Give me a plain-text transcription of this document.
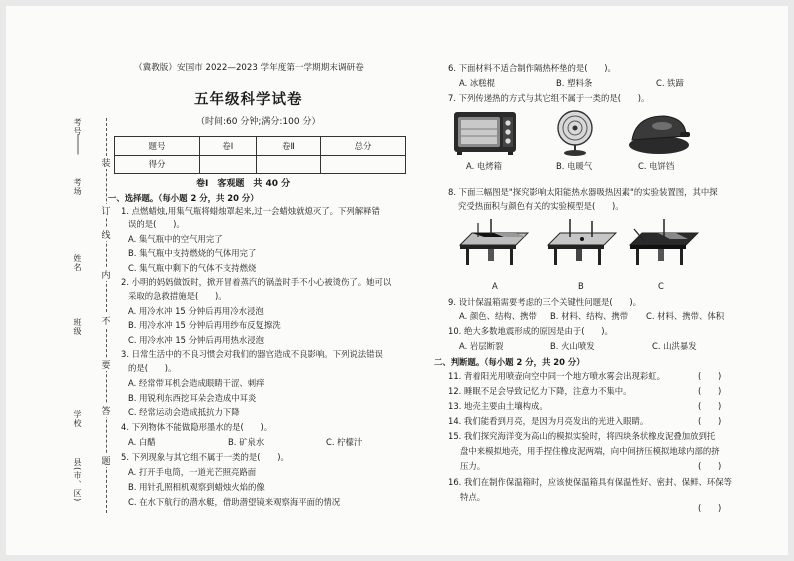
装
订
线
内
不
要
答
题
考号
考场
姓名
班级
学校
县(市、区)
（冀教版）安国市 2022—2023 学年度第一学期期末调研卷
五年级科学试卷
（时间:60 分钟;满分:100 分）
题号	卷Ⅰ	卷Ⅱ	总分
得分			
卷Ⅰ　客观题　共 40 分
一、选择题。（每小题 2 分，共 20 分）
1. 点燃蜡烛,用集气瓶将蜡烛罩起来,过一会蜡烛就熄灭了。下列解释错
误的是(　　)。
A. 集气瓶中的空气用完了
B. 集气瓶中支持燃烧的气体用完了
C. 集气瓶中剩下的气体不支持燃烧
2. 小明的妈妈做饭时，掀开冒着蒸汽的锅盖时手不小心被烫伤了。她可以
采取的急救措施是(　　)。
A. 用冷水冲 15 分钟后再用冷水浸泡
B. 用冷水冲 15 分钟后再用纱布反复擦洗
C. 用冷水冲 15 分钟后再用热水浸泡
3. 日常生活中的不良习惯会对我们的器官造成不良影响。下列说法错误
的是(　　)。
A. 经常带耳机会造成眼睛干涩、刺痒
B. 用锐利东西挖耳朵会造成中耳炎
C. 经常运动会造成抵抗力下降
4. 下列物体不能做隐形墨水的是(　　)。
A. 白醋	B. 矿泉水	C. 柠檬汁
5. 下列现象与其它组不属于一类的是(　　)。
A. 打开手电筒，一道光芒照亮路面
B. 用针孔照相机观察到蜡烛火焰的像
C. 在水下航行的潜水艇，借助潜望镜来观察海平面的情况
6. 下面材料不适合制作隔热杯垫的是(　　)。
A. 冰糕棍	B. 塑料条	C. 铁蹄
7. 下列传递热的方式与其它组不属于一类的是(　　)。
A. 电烤箱	B. 电暖气	C. 电饼铛
8. 下面三幅图是"探究影响太阳能热水器吸热因素"的实验装置图，其中探
究受热面积与颜色有关的实验模型是(　　)。
A	B	C
9. 设计保温箱需要考虑的三个关键性问题是(　　)。
A. 颜色、结构、携带 B. 材料、结构、携带 C. 材料、携带、体积
10. 绝大多数地震形成的原因是由于(　　)。
A. 岩层断裂	B. 火山喷发	C. 山洪暴发
二、判断题。（每小题 2 分，共 20 分）
11. 背着阳光用喷壶向空中同一个地方喷水雾会出现彩虹。	(　　)
12. 睡眠不足会导致记忆力下降，注意力不集中。	(　　)
13. 地壳主要由土壤构成。	(　　)
14. 我们能看到月亮，是因为月亮发出的光进入眼睛。	(　　)
15. 我们探究海洋变为高山的模拟实验时，将四块条状橡皮泥叠加放到托
盘中来模拟地壳，用手捏住橡皮泥两端，向中间挤压模拟地球内部的挤
压力。	(　　)
16. 我们在制作保温箱时，应该使保温箱具有保温性好、密封、保鲜、环保等
特点。
(　　)
